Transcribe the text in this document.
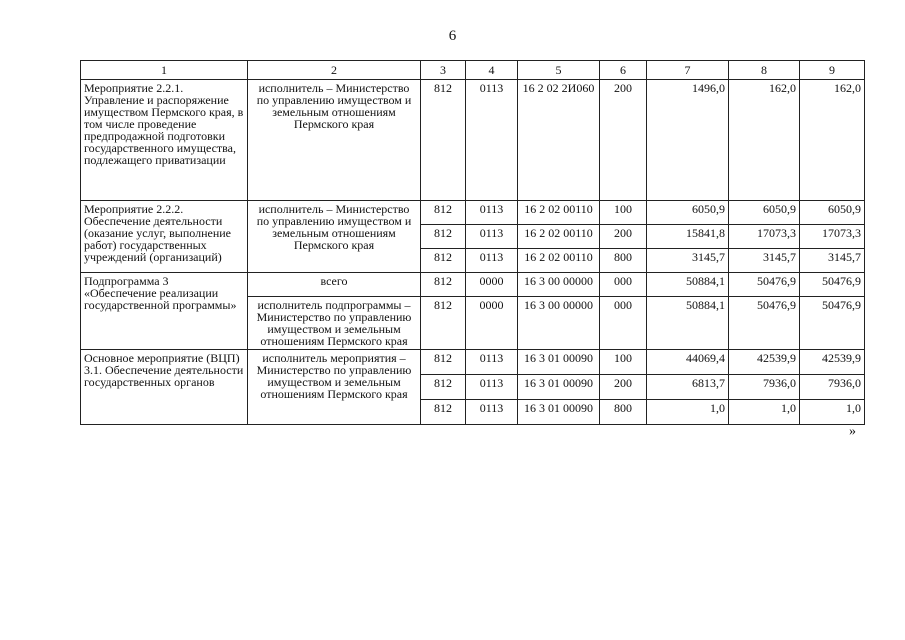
6
1	2	3	4	5	6	7	8	9
Мероприятие 2.2.1. Управление и распоряжение имуществом Пермского края, в том числе проведение предпродажной подготовки государственного имущества, подлежащего приватизации	исполнитель – Министерство по управлению имуществом и земельным отношениям Пермского края	812	0113	16 2 02 2И060	200	1496,0	162,0	162,0
Мероприятие 2.2.2. Обеспечение деятельности (оказание услуг, выполнение работ) государственных учреждений (организаций)	исполнитель – Министерство по управлению имуществом и земельным отношениям Пермского края	812	0113	16 2 02 00110	100	6050,9	6050,9	6050,9
		812	0113	16 2 02 00110	200	15841,8	17073,3	17073,3
		812	0113	16 2 02 00110	800	3145,7	3145,7	3145,7
Подпрограмма 3 «Обеспечение реализации государственной программы»	всего	812	0000	16 3 00 00000	000	50884,1	50476,9	50476,9
	исполнитель подпрограммы – Министерство по управлению имуществом и земельным отношениям Пермского края	812	0000	16 3 00 00000	000	50884,1	50476,9	50476,9
Основное мероприятие (ВЦП) 3.1. Обеспечение деятельности государственных органов	исполнитель мероприятия – Министерство по управлению имуществом и земельным отношениям Пермского края	812	0113	16 3 01 00090	100	44069,4	42539,9	42539,9
		812	0113	16 3 01 00090	200	6813,7	7936,0	7936,0
		812	0113	16 3 01 00090	800	1,0	1,0	1,0
»
